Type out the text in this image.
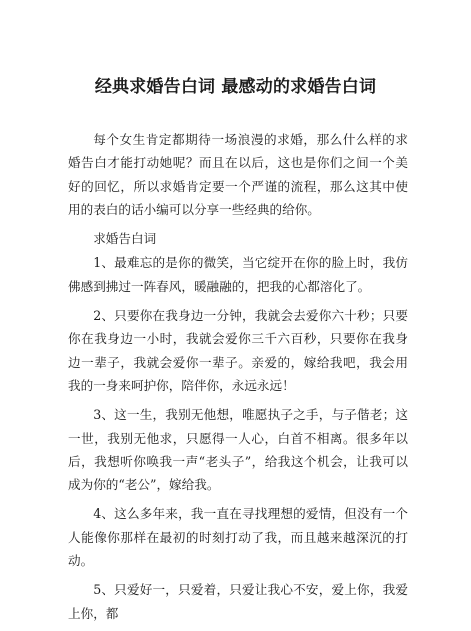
经典求婚告白词 最感动的求婚告白词

每个女生肯定都期待一场浪漫的求婚，那么什么样的求婚告白才能打动她呢？而且在以后，这也是你们之间一个美好的回忆，所以求婚肯定要一个严谨的流程，那么这其中使用的表白的话小编可以分享一些经典的给你。

求婚告白词

1、最难忘的是你的微笑，当它绽开在你的脸上时，我仿佛感到拂过一阵春风，暖融融的，把我的心都溶化了。

2、只要你在我身边一分钟，我就会去爱你六十秒；只要你在我身边一小时，我就会爱你三千六百秒，只要你在我身边一辈子，我就会爱你一辈子。亲爱的，嫁给我吧，我会用我的一身来呵护你，陪伴你，永远永远！

3、这一生，我别无他想，唯愿执子之手，与子偕老；这一世，我别无他求，只愿得一人心，白首不相离。很多年以后，我想听你唤我一声“老头子”，给我这个机会，让我可以成为你的“老公”，嫁给我。

4、这么多年来，我一直在寻找理想的爱情，但没有一个人能像你那样在最初的时刻打动了我，而且越来越深沉的打动。

5、只爱好一，只爱着，只爱让我心不安，爱上你，我爱上你，都
